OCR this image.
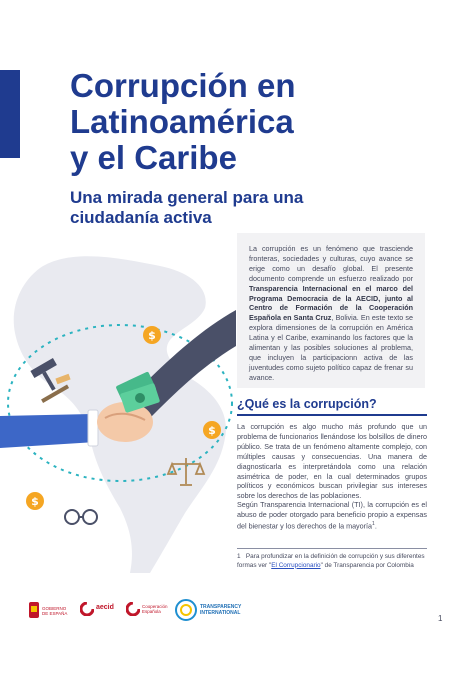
Corrupción en
Latinoamérica
y el Caribe
Una mirada general para una
ciudadanía activa
$
$
$
La corrupción es un fenómeno que trasciende fronteras, sociedades y culturas, cuyo avance se erige como un desafío global. El presente documento comprende un esfuerzo realizado por Transparencia Internacional en el marco del Programa Democracia de la AECID, junto al Centro de Formación de la Cooperación Española en Santa Cruz, Bolivia. En este texto se explora dimensiones de la corrupción en América Latina y el Caribe, examinando los factores que la alimentan y las posibles soluciones al problema, que incluyen la participacionn activa de las juventudes como sujeto político capaz de frenar su avance.
¿Qué es la corrupción?

La corrupción es algo mucho más profundo que un problema de funcionarios llenándose los bolsillos de dinero público. Se trata de un fenómeno altamente complejo, con múltiples causas y consecuencias. Una manera de diagnosticarla es interpretándola como una relación asimétrica de poder, en la cual determinados grupos políticos y económicos buscan privilegiar sus intereses sobre los derechos de las poblaciones.

Según Transparencia Internacional (TI), la corrupción es el abuso de poder otorgado para beneficio propio a expensas del bienestar y los derechos de la mayoría$^1$.

1 Para profundizar en la definición de corrupción y sus diferentes formas ver "El Corrupcionario" de Transparencia por Colombia

GOBIERNO
DE ESPAÑA
aecid	Cooperación
Española
TRANSPARENCY
INTERNATIONAL
1
